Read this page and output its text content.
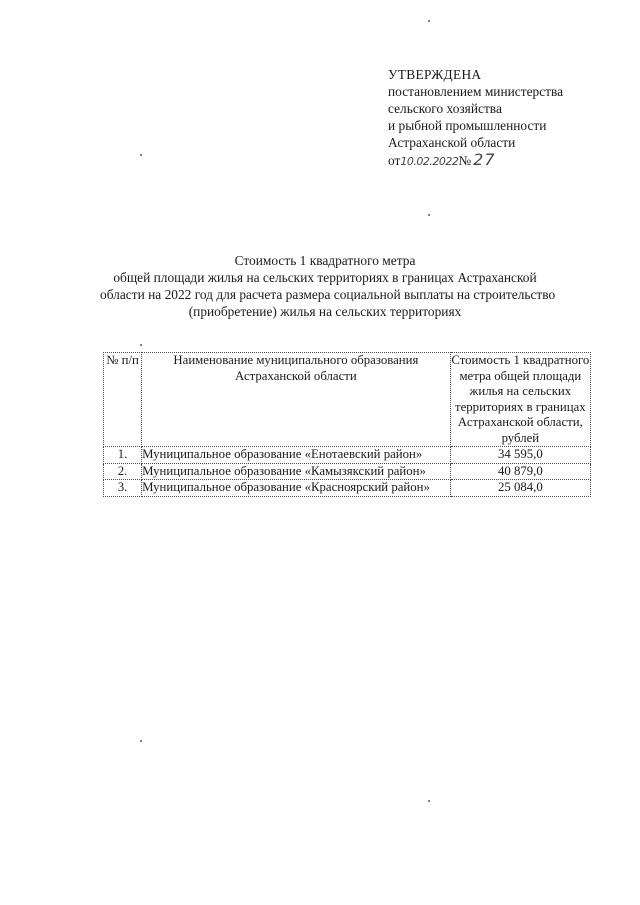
УТВЕРЖДЕНА
постановлением министерства
сельского хозяйства
и рыбной промышленности
Астраханской области
от10.02.2022№ 27
Стоимость 1 квадратного метра
общей площади жилья на сельских территориях в границах Астраханской
области на 2022 год для расчета размера социальной выплаты на строительство
(приобретение) жилья на сельских территориях
№ п/п	Наименование муниципального образования Астраханской области	Стоимость 1 квадратного метра общей площади жилья на сельских территориях в границах Астраханской области, рублей
1.	Муниципальное образование «Енотаевский район»	34 595,0
2.	Муниципальное образование «Камызякский район»	40 879,0
3.	Муниципальное образование «Красноярский район»	25 084,0
